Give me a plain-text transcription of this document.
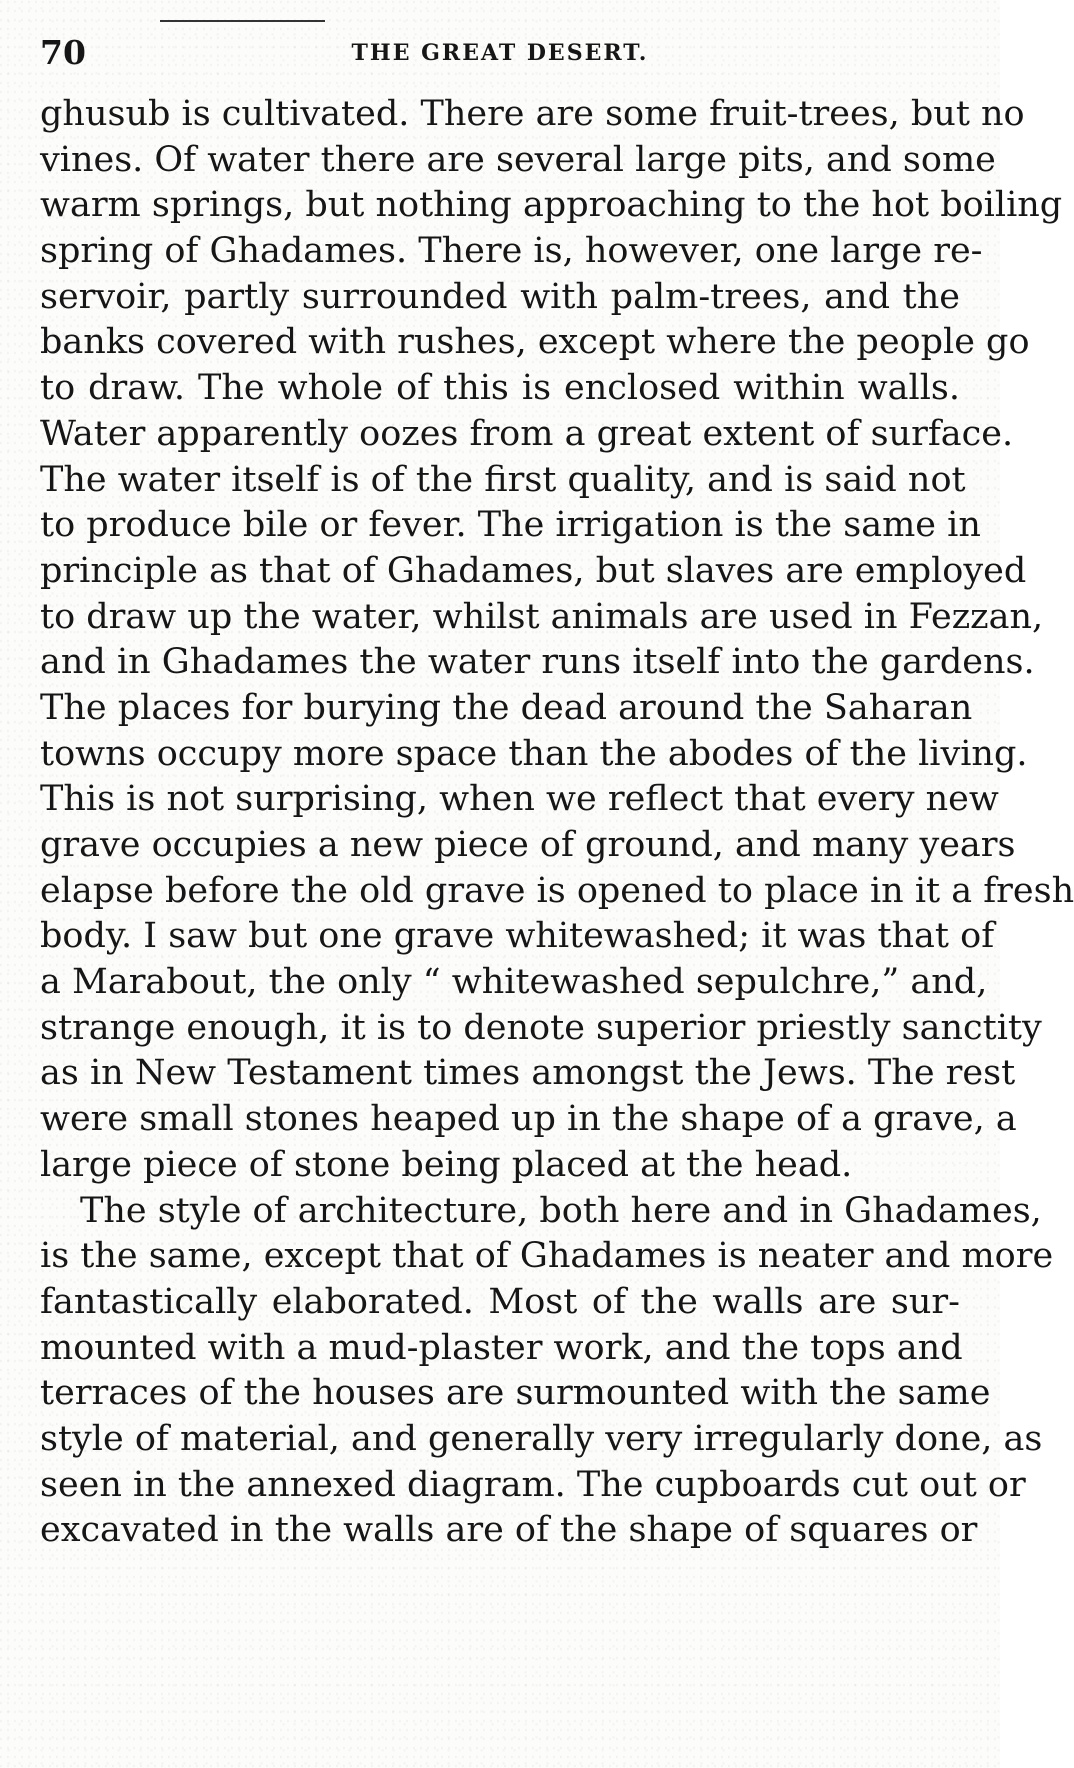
70	THE GREAT DESERT.
ghusub is cultivated. There are some fruit-trees, but no
vines. Of water there are several large pits, and some
warm springs, but nothing approaching to the hot boiling
spring of Ghadames. There is, however, one large re-
servoir, partly surrounded with palm-trees, and the
banks covered with rushes, except where the people go
to draw. The whole of this is enclosed within walls.
Water apparently oozes from a great extent of surface.
The water itself is of the first quality, and is said not
to produce bile or fever. The irrigation is the same in
principle as that of Ghadames, but slaves are employed
to draw up the water, whilst animals are used in Fezzan,
and in Ghadames the water runs itself into the gardens.
The places for burying the dead around the Saharan
towns occupy more space than the abodes of the living.
This is not surprising, when we reflect that every new
grave occupies a new piece of ground, and many years
elapse before the old grave is opened to place in it a fresh
body. I saw but one grave whitewashed; it was that of
a Marabout, the only “ whitewashed sepulchre,” and,
strange enough, it is to denote superior priestly sanctity
as in New Testament times amongst the Jews. The rest
were small stones heaped up in the shape of a grave, a
large piece of stone being placed at the head.
The style of architecture, both here and in Ghadames,
is the same, except that of Ghadames is neater and more
fantastically elaborated. Most of the walls are sur-
mounted with a mud-plaster work, and the tops and
terraces of the houses are surmounted with the same
style of material, and generally very irregularly done, as
seen in the annexed diagram. The cupboards cut out or
excavated in the walls are of the shape of squares or
